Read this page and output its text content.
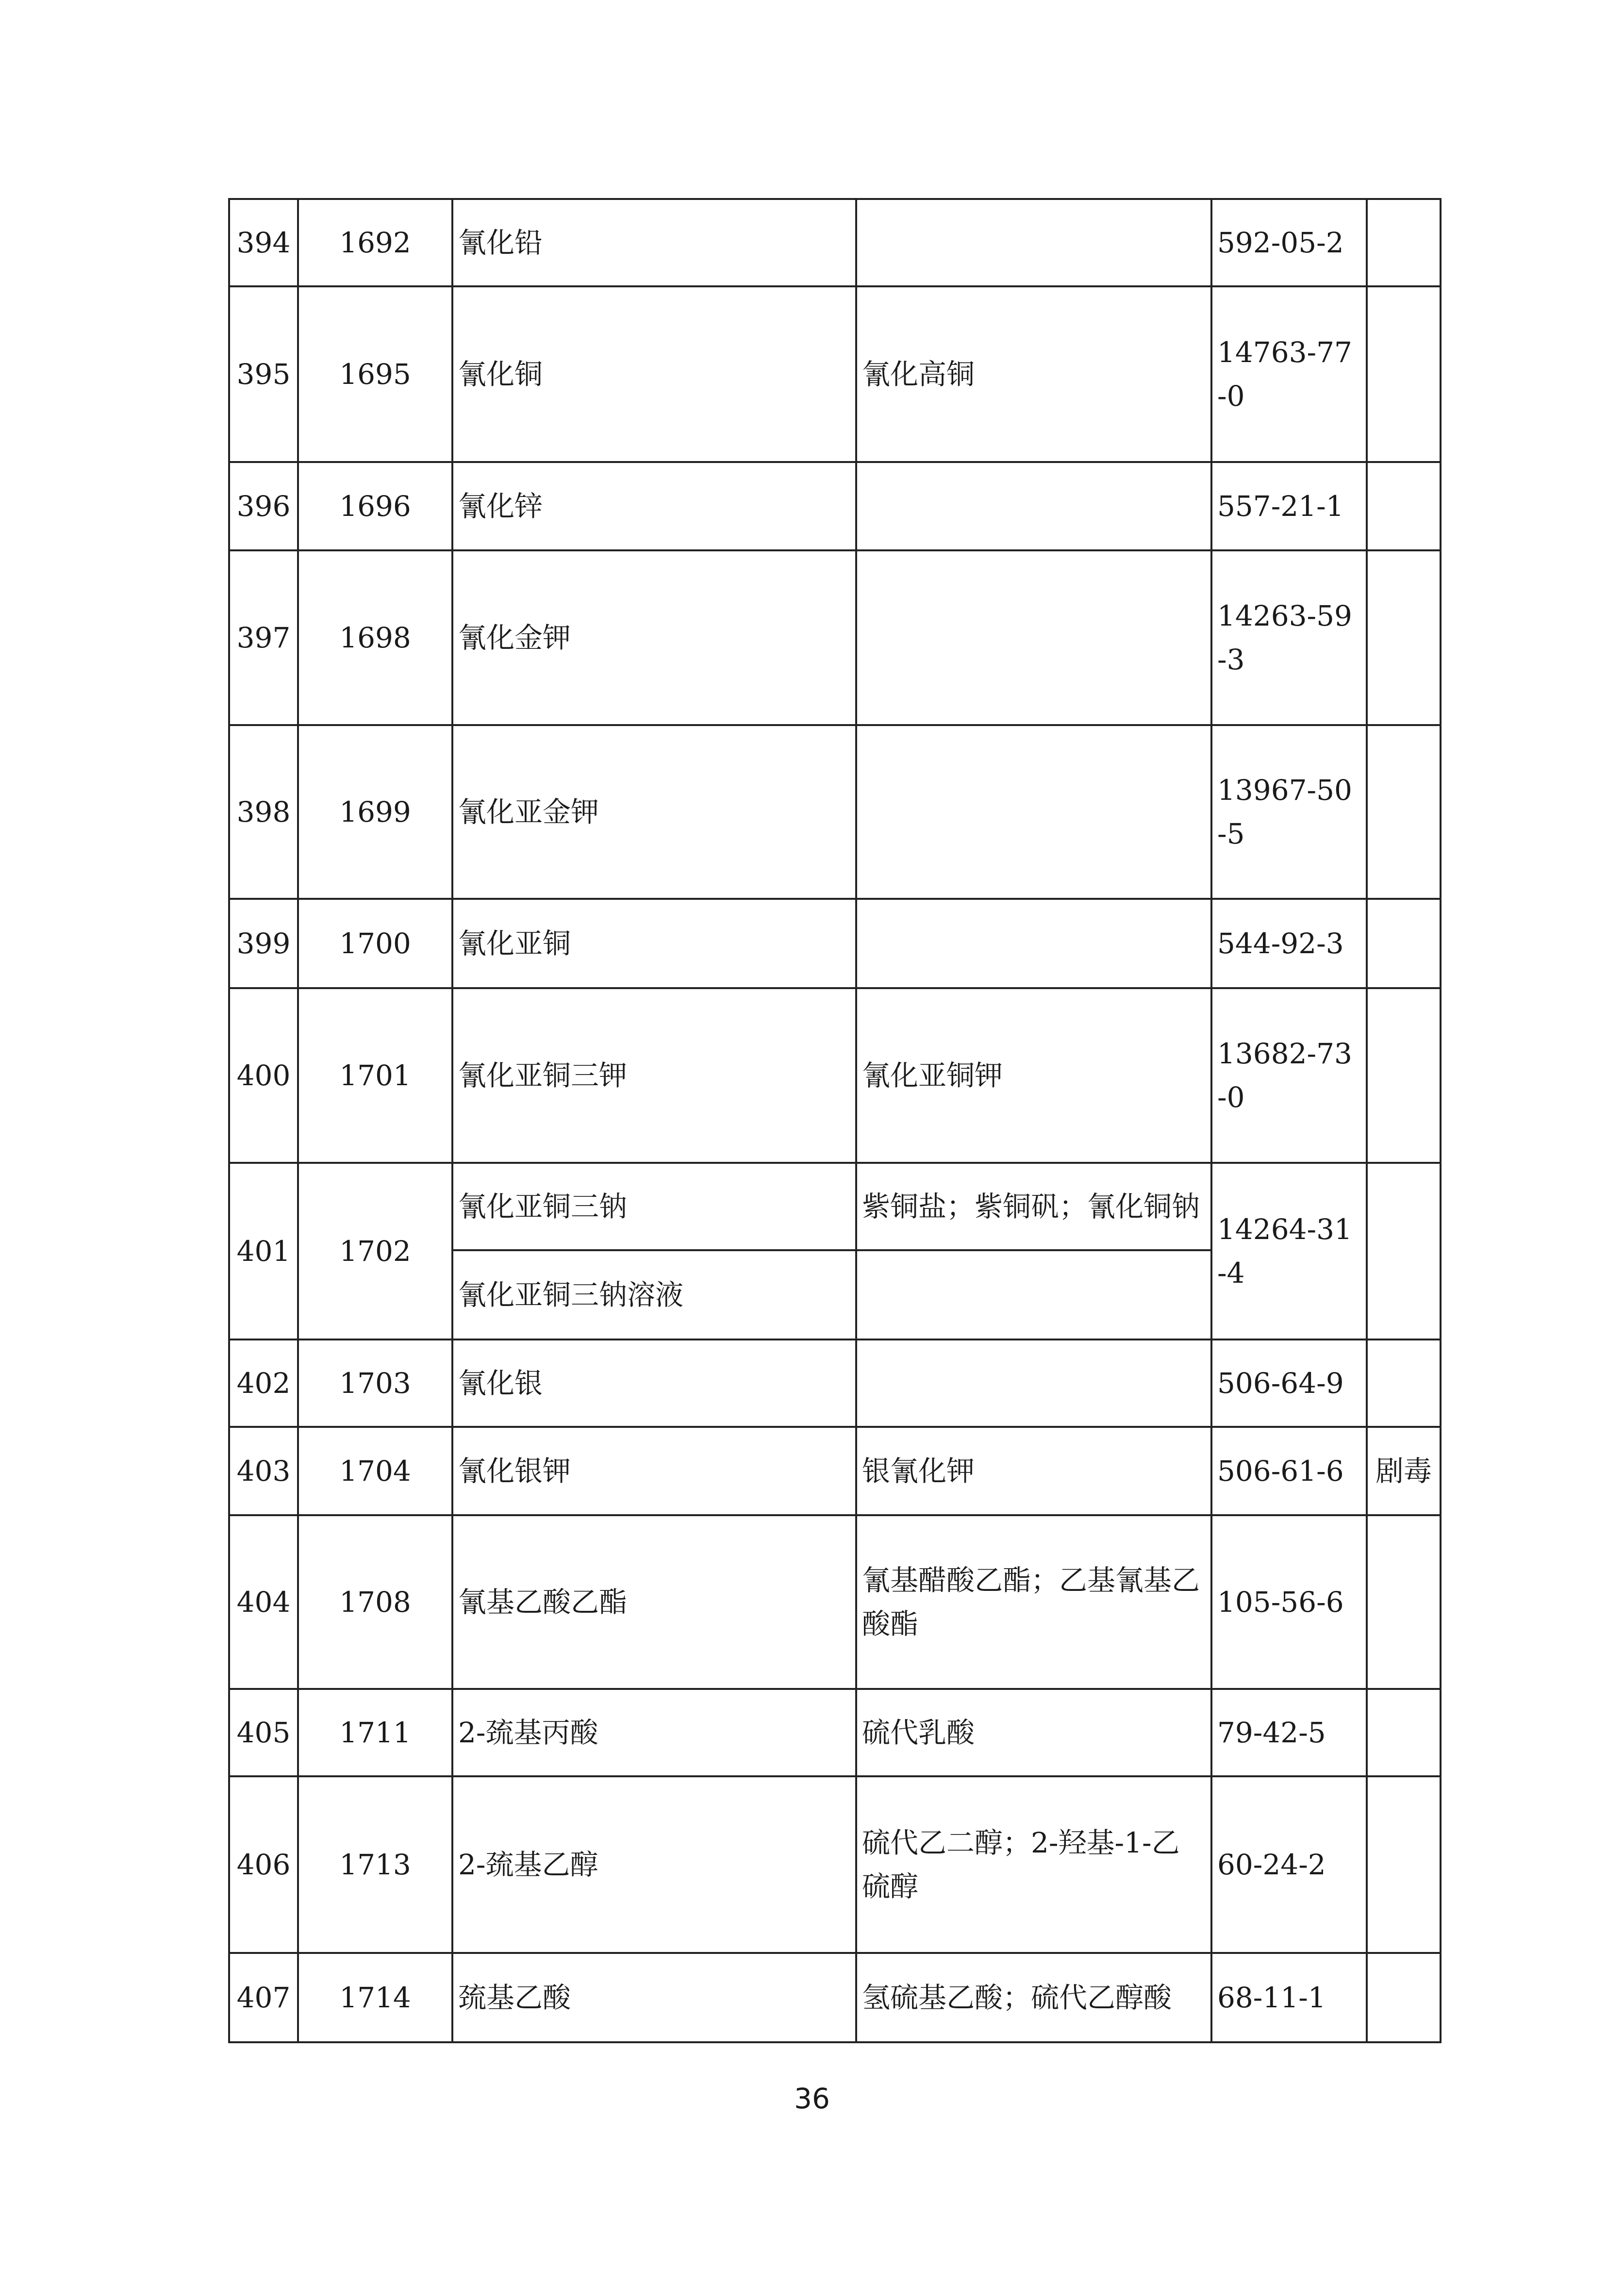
394	1692	氰化铅		592-05-2	
395	1695	氰化铜	氰化高铜	14763-77-0	
396	1696	氰化锌		557-21-1	
397	1698	氰化金钾		14263-59-3	
398	1699	氰化亚金钾		13967-50-5	
399	1700	氰化亚铜		544-92-3	
400	1701	氰化亚铜三钾	氰化亚铜钾	13682-73-0	
401	1702	氰化亚铜三钠	紫铜盐；紫铜矾；氰化铜钠	14264-31-4	
		氰化亚铜三钠溶液			
402	1703	氰化银		506-64-9	
403	1704	氰化银钾	银氰化钾	506-61-6	剧毒
404	1708	氰基乙酸乙酯	氰基醋酸乙酯；乙基氰基乙酸酯	105-56-6	
405	1711	2-巯基丙酸	硫代乳酸	79-42-5	
406	1713	2-巯基乙醇	硫代乙二醇；2-羟基-1-乙硫醇	60-24-2	
407	1714	巯基乙酸	氢硫基乙酸；硫代乙醇酸	68-11-1	
36
